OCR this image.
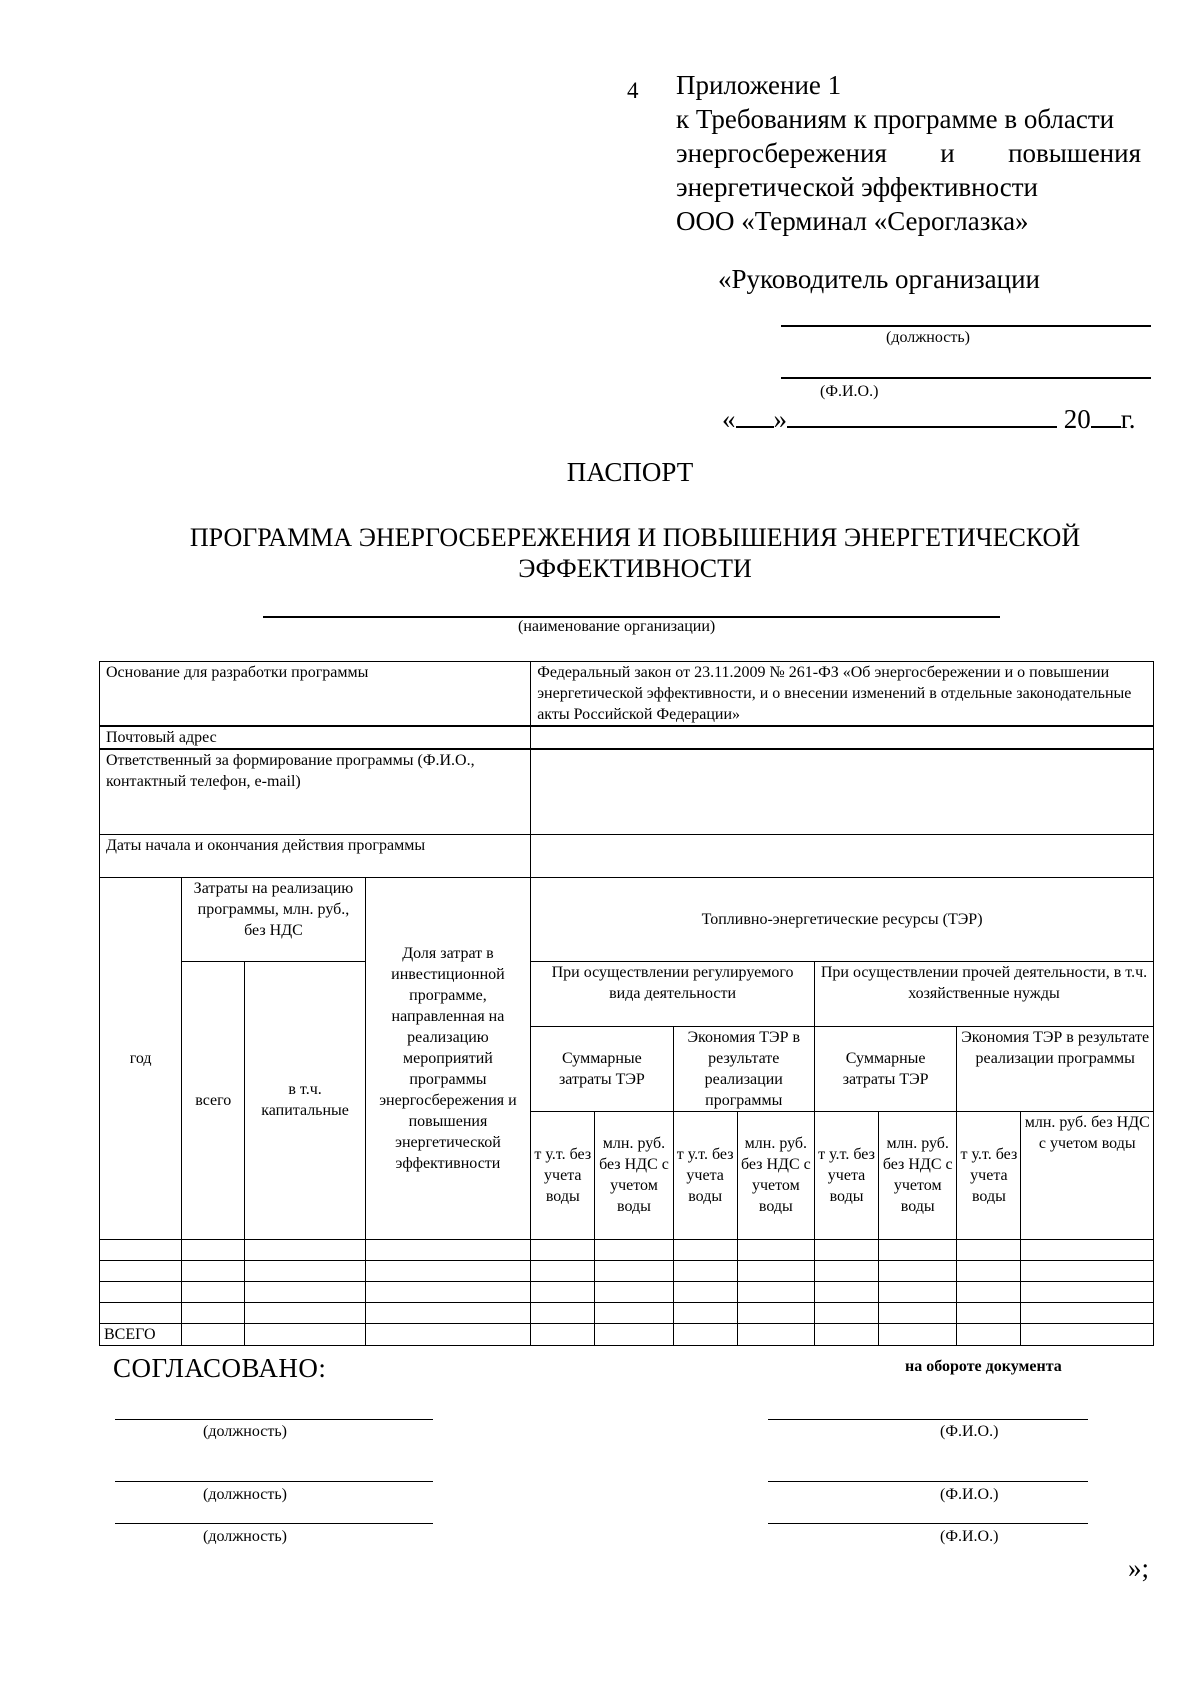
4 Приложение 1
к Требованиям к программе в области
энергосбережения и повышения
энергетической эффективности
ООО «Терминал «Сероглазка»
«Руководитель организации
(должность)
(Ф.И.О.)
« »	20 г.
ПАСПОРТ
ПРОГРАММА ЭНЕРГОСБЕРЕЖЕНИЯ И ПОВЫШЕНИЯ ЭНЕРГЕТИЧЕСКОЙ ЭФФЕКТИВНОСТИ
(наименование организации)
Основание для разработки программы				Федеральный закон от 23.11.2009 № 261-ФЗ «Об энергосбережении и о повышении энергетической эффективности, и о внесении изменений в отдельные законодательные акты Российской Федерации»							
Почтовый адрес											
Ответственный за формирование программы (Ф.И.О., контактный телефон, e-mail)											
Даты начала и окончания действия программы											
год	Затраты на реализацию программы, млн. руб., без НДС		Доля затрат в инвестиционной программе, направленная на реализацию мероприятий программы энергосбережения и повышения энергетической эффективности	Топливно-энергетические ресурсы (ТЭР)							
	всего	в т.ч. капитальные		При осуществлении регулируемого вида деятельности				При осуществлении прочей деятельности, в т.ч. хозяйственные нужды			
				Суммарные затраты ТЭР		Экономия ТЭР в результате реализации программы		Суммарные затраты ТЭР		Экономия ТЭР в результате реализации программы	
				т у.т. без учета воды	млн. руб. без НДС с учетом воды	т у.т. без учета воды	млн. руб. без НДС с учетом воды	т у.т. без учета воды	млн. руб. без НДС с учетом воды	т у.т. без учета воды	млн. руб. без НДС с учетом воды

ВСЕГО											
СОГЛАСОВАНО:	на обороте документа
(должность)	(Ф.И.О.)
(должность)	(Ф.И.О.)
(должность)	(Ф.И.О.)
»;
